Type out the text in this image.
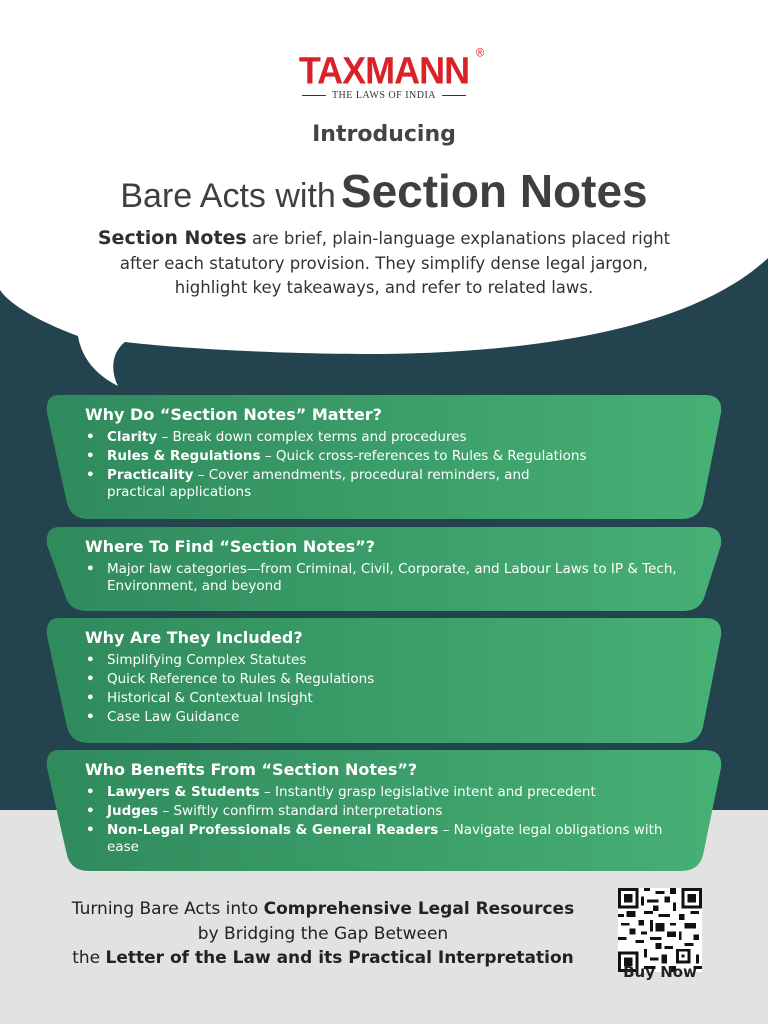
TAXMANN ®
THE LAWS OF INDIA
Introducing
Bare Acts with Section Notes
Section Notes are brief, plain-language explanations placed right
after each statutory provision. They simplify dense legal jargon,
highlight key takeaways, and refer to related laws.
Why Do “Section Notes” Matter?
• Clarity – Break down complex terms and procedures
• Rules & Regulations – Quick cross-references to Rules & Regulations
• Practicality – Cover amendments, procedural reminders, and practical applications
Where To Find “Section Notes”?
• Major law categories—from Criminal, Civil, Corporate, and Labour Laws to IP & Tech, Environment, and beyond
Why Are They Included?
• Simplifying Complex Statutes
• Quick Reference to Rules & Regulations
• Historical & Contextual Insight
• Case Law Guidance
Who Benefits From “Section Notes”?
• Lawyers & Students – Instantly grasp legislative intent and precedent
• Judges – Swiftly confirm standard interpretations
• Non-Legal Professionals & General Readers – Navigate legal obligations with ease
Turning Bare Acts into Comprehensive Legal Resources
by Bridging the Gap Between
the Letter of the Law and its Practical Interpretation
Buy Now
